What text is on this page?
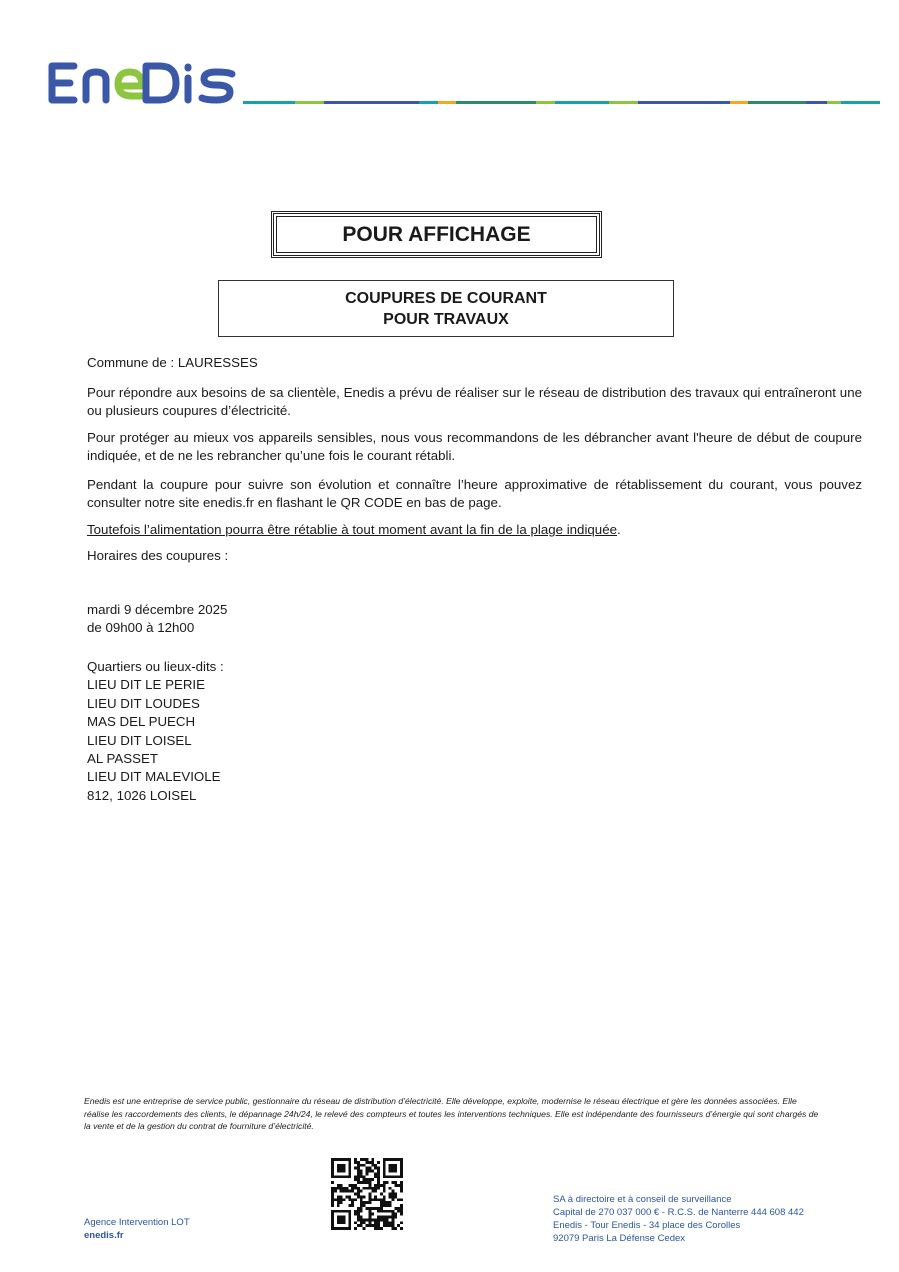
POUR AFFICHAGE
COUPURES DE COURANT
POUR TRAVAUX
Commune de : LAURESSES
Pour répondre aux besoins de sa clientèle, Enedis a prévu de réaliser sur le réseau de distribution des travaux qui entraîneront une ou plusieurs coupures d’électricité.
Pour protéger au mieux vos appareils sensibles, nous vous recommandons de les débrancher avant l'heure de début de coupure indiquée, et de ne les rebrancher qu’une fois le courant rétabli.
Pendant la coupure pour suivre son évolution et connaître l’heure approximative de rétablissement du courant, vous pouvez consulter notre site enedis.fr en flashant le QR CODE en bas de page.
Toutefois l’alimentation pourra être rétablie à tout moment avant la fin de la plage indiquée.
Horaires des coupures :
mardi 9 décembre 2025
de 09h00 à 12h00
Quartiers ou lieux-dits :
LIEU DIT LE PERIE
LIEU DIT LOUDES
MAS DEL PUECH
LIEU DIT LOISEL
AL PASSET
LIEU DIT MALEVIOLE
812, 1026 LOISEL
Enedis est une entreprise de service public, gestionnaire du réseau de distribution d’électricité. Elle développe, exploite, modernise le réseau électrique et gère les données associées. Elle réalise les raccordements des clients, le dépannage 24h/24, le relevé des compteurs et toutes les interventions techniques. Elle est indépendante des fournisseurs d’énergie qui sont chargés de la vente et de la gestion du contrat de fourniture d’électricité.
Agence Intervention LOT
enedis.fr
SA à directoire et à conseil de surveillance
Capital de 270 037 000 € - R.C.S. de Nanterre 444 608 442
Enedis - Tour Enedis - 34 place des Corolles
92079 Paris La Défense Cedex
